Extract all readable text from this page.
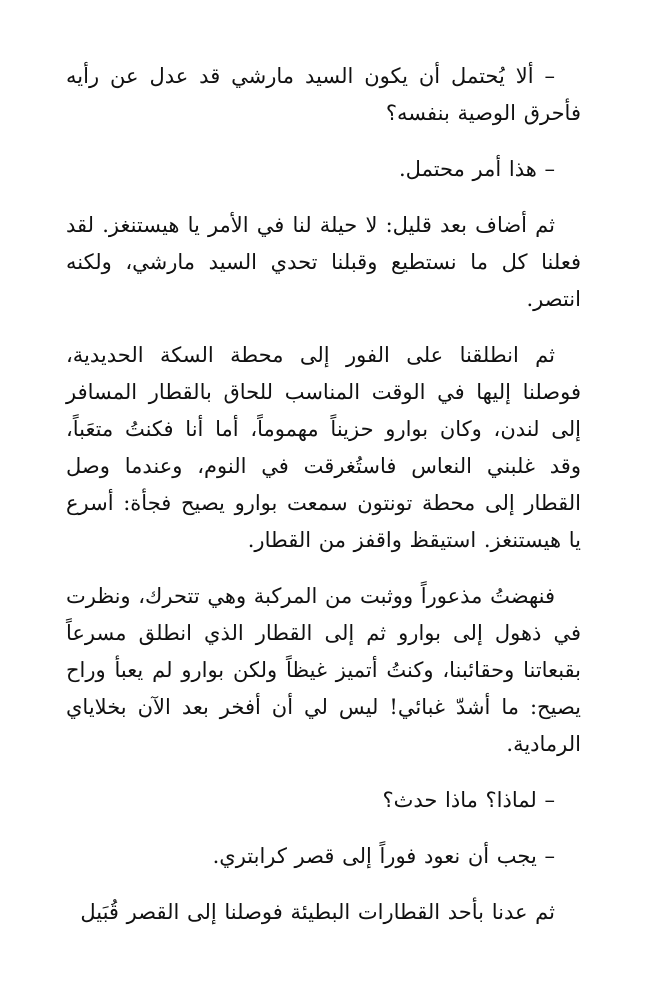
– ألا يُحتمل أن يكون السيد مارشي قد عدل عن رأيه فأحرق الوصية بنفسه؟

– هذا أمر محتمل.

ثم أضاف بعد قليل: لا حيلة لنا في الأمر يا هيستنغز. لقد فعلنا كل ما نستطيع وقبلنا تحدي السيد مارشي، ولكنه انتصر.

ثم انطلقنا على الفور إلى محطة السكة الحديدية، فوصلنا إليها في الوقت المناسب للحاق بالقطار المسافر إلى لندن، وكان بوارو حزيناً مهموماً، أما أنا فكنتُ متعَباً، وقد غلبني النعاس فاستُغرقت في النوم، وعندما وصل القطار إلى محطة تونتون سمعت بوارو يصيح فجأة: أسرع يا هيستنغز. استيقظ واقفز من القطار.

فنهضتُ مذعوراً ووثبت من المركبة وهي تتحرك، ونظرت في ذهول إلى بوارو ثم إلى القطار الذي انطلق مسرعاً بقبعاتنا وحقائبنا، وكنتُ أتميز غيظاً ولكن بوارو لم يعبأ وراح يصيح: ما أشدّ غبائي! ليس لي أن أفخر بعد الآن بخلاياي الرمادية.

– لماذا؟ ماذا حدث؟

– يجب أن نعود فوراً إلى قصر كرابتري.

ثم عدنا بأحد القطارات البطيئة فوصلنا إلى القصر قُبَيل
